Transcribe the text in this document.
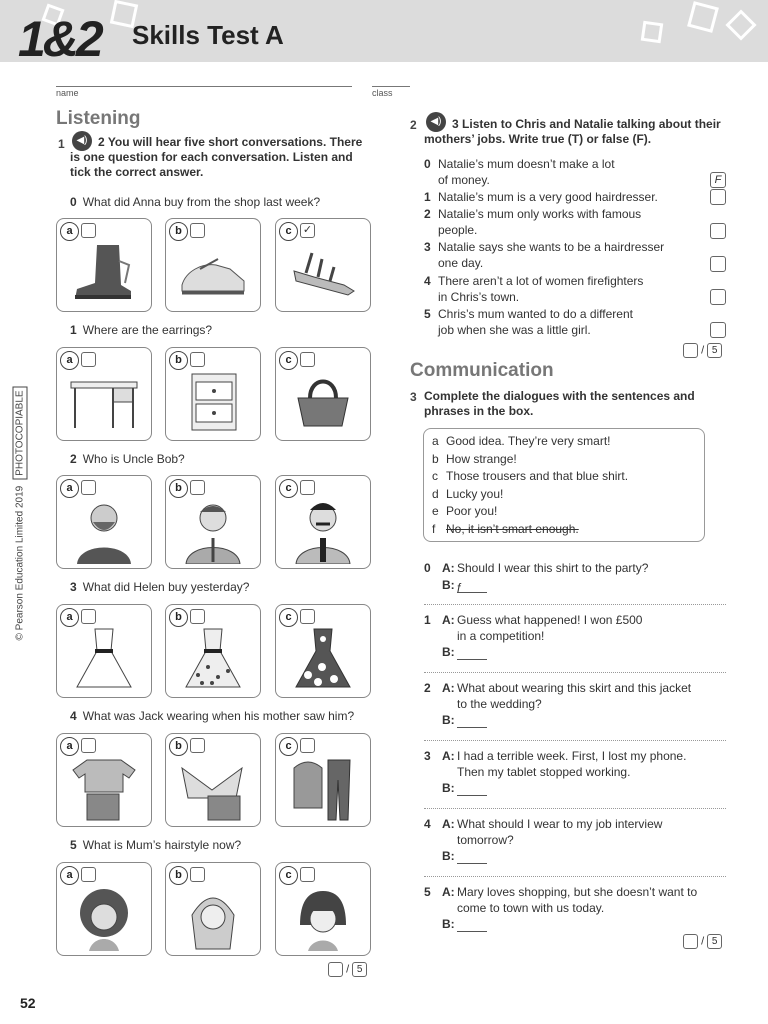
1&2 Skills Test A
name	class
Listening
1	◀) 2 You will hear five short conversations. There is one question for each conversation. Listen and tick the correct answer.
0 What did Anna buy from the shop last week?
a	b	c	✓
1 Where are the earrings?
a	b	c
2 Who is Uncle Bob?
a	b	c
3 What did Helen buy yesterday?
a	b	c
4 What was Jack wearing when his mother saw him?
a	b	c
5 What is Mum’s hairstyle now?
a	b	c
/ 5
2	◀) 3 Listen to Chris and Natalie talking about their mothers’ jobs. Write true (T) or false (F).
0 Natalie’s mum doesn’t make a lot
of money.	F
1 Natalie’s mum is a very good hairdresser.
2 Natalie’s mum only works with famous
people.
3 Natalie says she wants to be a hairdresser
one day.
4 There aren’t a lot of women firefighters
in Chris’s town.
5 Chris’s mum wanted to do a different
job when she was a little girl.
/ 5
Communication
3 Complete the dialogues with the sentences and phrases in the box.
a Good idea. They’re very smart!
b How strange!
c Those trousers and that blue shirt.
d Lucky you!
e Poor you!
f No, it isn’t smart enough.
0 A: Should I wear this shirt to the party?
B: f
1 A: Guess what happened! I won £500
in a competition!
B:
2 A: What about wearing this skirt and this jacket
to the wedding?
B:
3 A: I had a terrible week. First, I lost my phone.
Then my tablet stopped working.
B:
4 A: What should I wear to my job interview
tomorrow?
B:
5 A: Mary loves shopping, but she doesn’t want to
come to town with us today.
B:
/ 5
© Pearson Education Limited 2019PHOTOCOPIABLE
52
